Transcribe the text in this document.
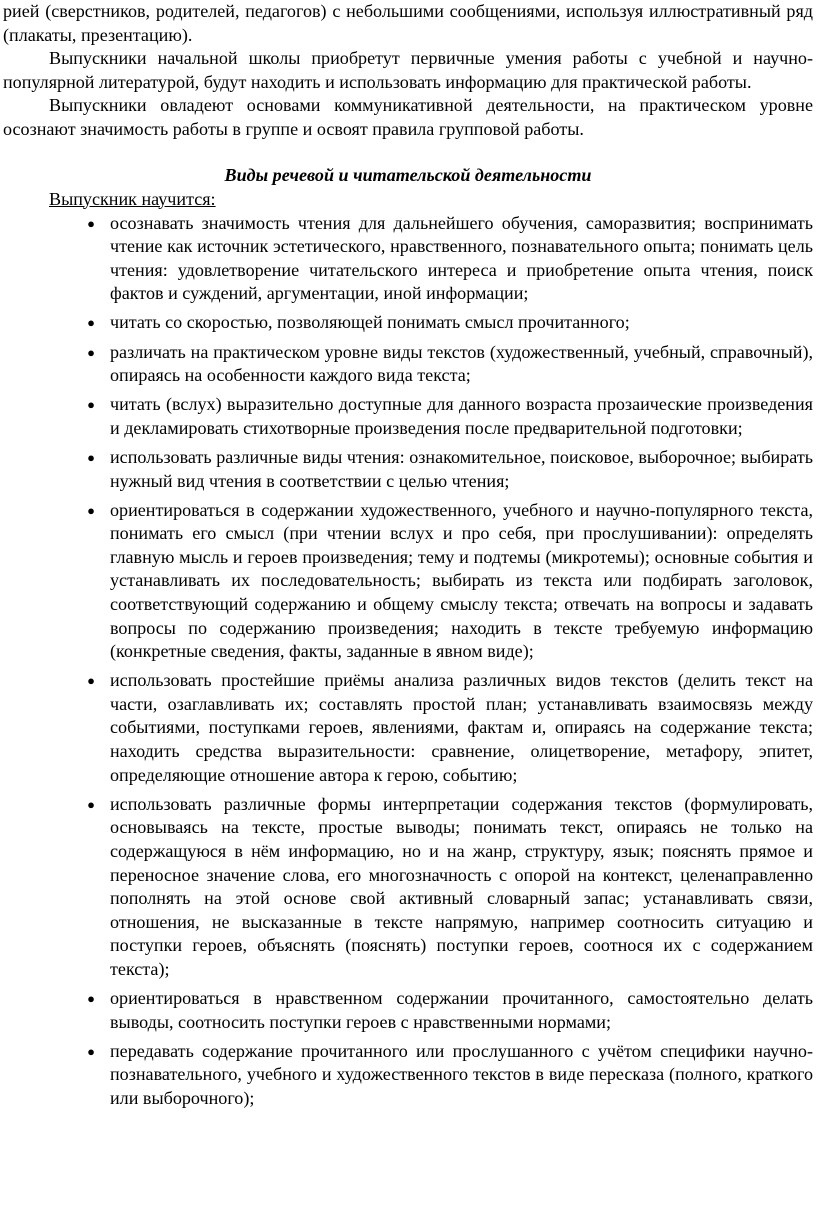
рией (сверстников, родителей, педагогов) с небольшими сообщениями, используя иллюстративный ряд (плакаты, презентацию).

Выпускники начальной школы приобретут первичные умения работы с учебной и научно-популярной литературой, будут находить и использовать информацию для практической работы.

Выпускники овладеют основами коммуникативной деятельности, на практическом уровне осознают значимость работы в группе и освоят правила групповой работы.

Виды речевой и читательской деятельности
Выпускник научится:
● осознавать значимость чтения для дальнейшего обучения, саморазвития; воспринимать чтение как источник эстетического, нравственного, познавательного опыта; понимать цель чтения: удовлетворение читательского интереса и приобретение опыта чтения, поиск фактов и суждений, аргументации, иной информации;
● читать со скоростью, позволяющей понимать смысл прочитанного;
● различать на практическом уровне виды текстов (художественный, учебный, справочный), опираясь на особенности каждого вида текста;
● читать (вслух) выразительно доступные для данного возраста прозаические произведения и декламировать стихотворные произведения после предварительной подготовки;
● использовать различные виды чтения: ознакомительное, поисковое, выборочное; выбирать нужный вид чтения в соответствии с целью чтения;
● ориентироваться в содержании художественного, учебного и научно-популярного текста, понимать его смысл (при чтении вслух и про себя, при прослушивании): определять главную мысль и героев произведения; тему и подтемы (микротемы); основные события и устанавливать их последовательность; выбирать из текста или подбирать заголовок, соответствующий содержанию и общему смыслу текста; отвечать на вопросы и задавать вопросы по содержанию произведения; находить в тексте требуемую информацию (конкретные сведения, факты, заданные в явном виде);
● использовать простейшие приёмы анализа различных видов текстов (делить текст на части, озаглавливать их; составлять простой план; устанавливать взаимосвязь между событиями, поступками героев, явлениями, фактам и, опираясь на содержание текста; находить средства выразительности: сравнение, олицетворение, метафору, эпитет, определяющие отношение автора к герою, событию;
● использовать различные формы интерпретации содержания текстов (формулировать, основываясь на тексте, простые выводы; понимать текст, опираясь не только на содержащуюся в нём информацию, но и на жанр, структуру, язык; пояснять прямое и переносное значение слова, его многозначность с опорой на контекст, целенаправленно пополнять на этой основе свой активный словарный запас; устанавливать связи, отношения, не высказанные в тексте напрямую, например соотносить ситуацию и поступки героев, объяснять (пояснять) поступки героев, соотнося их с содержанием текста);
● ориентироваться в нравственном содержании прочитанного, самостоятельно делать выводы, соотносить поступки героев с нравственными нормами;
● передавать содержание прочитанного или прослушанного с учётом специфики научно-познавательного, учебного и художественного текстов в виде пересказа (полного, краткого или выборочного);
